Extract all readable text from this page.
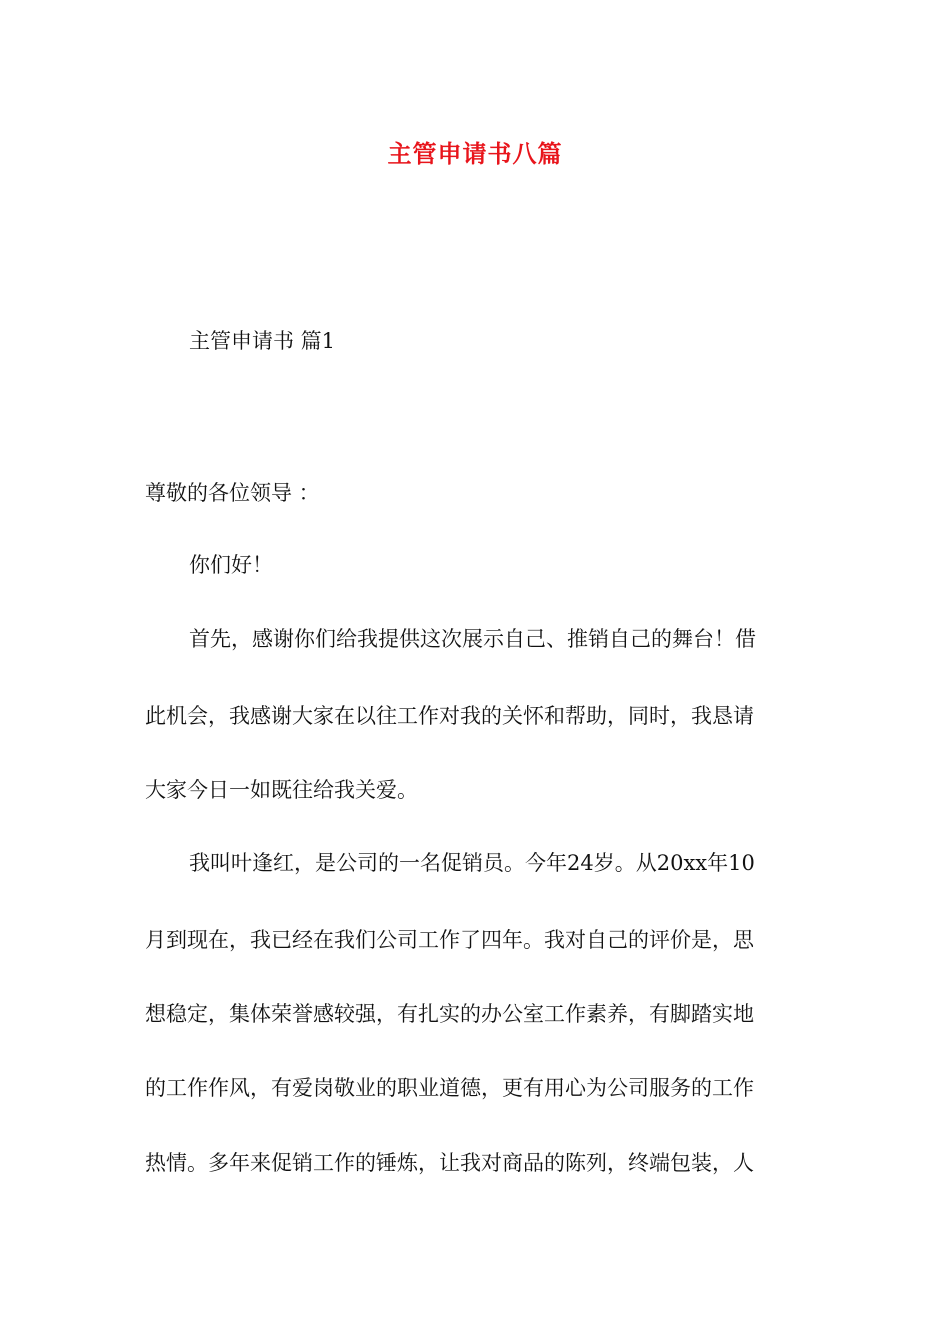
主管申请书八篇
主管申请书 篇1
尊敬的各位领导 ：
你们好！
首先，感谢你们给我提供这次展示自己、推销自己的舞台！借
此机会，我感谢大家在以往工作对我的关怀和帮助，同时，我恳请
大家今日一如既往给我关爱。
我叫叶逢红，是公司的一名促销员。今年24岁。从20xx年10
月到现在，我已经在我们公司工作了四年。我对自己的评价是，思
想稳定，集体荣誉感较强，有扎实的办公室工作素养，有脚踏实地
的工作作风，有爱岗敬业的职业道德，更有用心为公司服务的工作
热情。多年来促销工作的锤炼，让我对商品的陈列，终端包装，人
